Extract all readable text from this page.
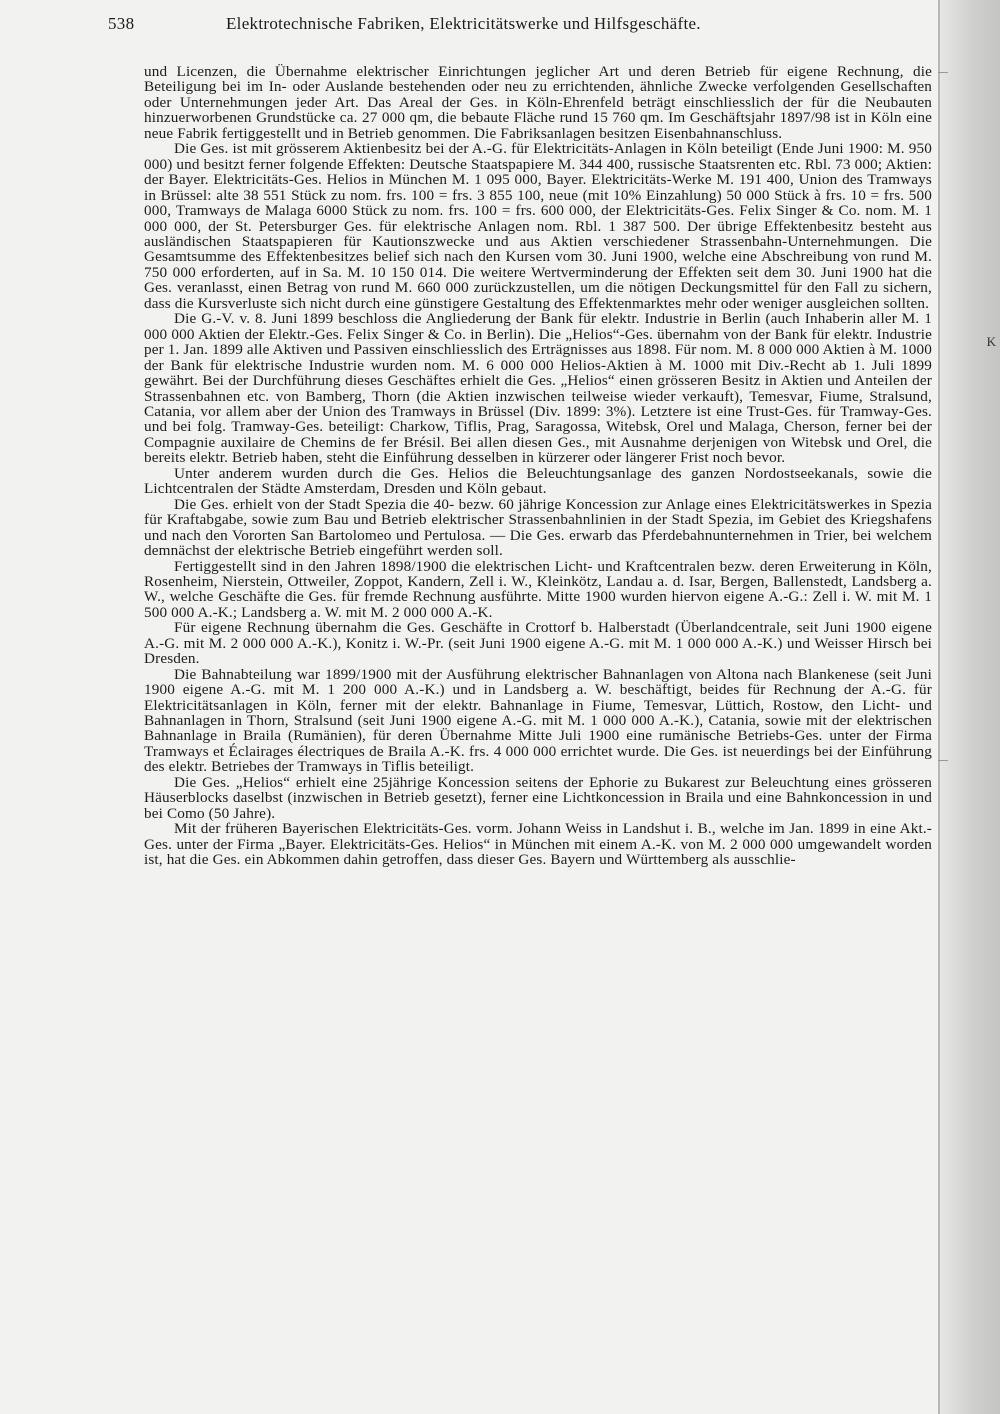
538	Elektrotechnische Fabriken, Elektricitätswerke und Hilfsgeschäfte.

und Licenzen, die Übernahme elektrischer Einrichtungen jeglicher Art und deren Betrieb für eigene Rechnung, die Beteiligung bei im In- oder Auslande bestehenden oder neu zu errichtenden, ähnliche Zwecke verfolgenden Gesellschaften oder Unternehmungen jeder Art. Das Areal der Ges. in Köln-Ehrenfeld beträgt einschliesslich der für die Neubauten hinzuerworbenen Grundstücke ca. 27 000 qm, die bebaute Fläche rund 15 760 qm. Im Geschäftsjahr 1897/98 ist in Köln eine neue Fabrik fertiggestellt und in Betrieb genommen. Die Fabriksanlagen besitzen Eisenbahnanschluss.

Die Ges. ist mit grösserem Aktienbesitz bei der A.-G. für Elektricitäts-Anlagen in Köln beteiligt (Ende Juni 1900: M. 950 000) und besitzt ferner folgende Effekten: Deutsche Staatspapiere M. 344 400, russische Staatsrenten etc. Rbl. 73 000; Aktien: der Bayer. Elektricitäts-Ges. Helios in München M. 1 095 000, Bayer. Elektricitäts-Werke M. 191 400, Union des Tramways in Brüssel: alte 38 551 Stück zu nom. frs. 100 = frs. 3 855 100, neue (mit 10% Einzahlung) 50 000 Stück à frs. 10 = frs. 500 000, Tramways de Malaga 6000 Stück zu nom. frs. 100 = frs. 600 000, der Elektricitäts-Ges. Felix Singer & Co. nom. M. 1 000 000, der St. Petersburger Ges. für elektrische Anlagen nom. Rbl. 1 387 500. Der übrige Effektenbesitz besteht aus ausländischen Staatspapieren für Kautionszwecke und aus Aktien verschiedener Strassenbahn-Unternehmungen. Die Gesamtsumme des Effektenbesitzes belief sich nach den Kursen vom 30. Juni 1900, welche eine Abschreibung von rund M. 750 000 erforderten, auf in Sa. M. 10 150 014. Die weitere Wertverminderung der Effekten seit dem 30. Juni 1900 hat die Ges. veranlasst, einen Betrag von rund M. 660 000 zurückzustellen, um die nötigen Deckungsmittel für den Fall zu sichern, dass die Kursverluste sich nicht durch eine günstigere Gestaltung des Effektenmarktes mehr oder weniger ausgleichen sollten.

Die G.-V. v. 8. Juni 1899 beschloss die Angliederung der Bank für elektr. Industrie in Berlin (auch Inhaberin aller M. 1 000 000 Aktien der Elektr.-Ges. Felix Singer & Co. in Berlin). Die „Helios“-Ges. übernahm von der Bank für elektr. Industrie per 1. Jan. 1899 alle Aktiven und Passiven einschliesslich des Erträgnisses aus 1898. Für nom. M. 8 000 000 Aktien à M. 1000 der Bank für elektrische Industrie wurden nom. M. 6 000 000 Helios-Aktien à M. 1000 mit Div.-Recht ab 1. Juli 1899 gewährt. Bei der Durchführung dieses Geschäftes erhielt die Ges. „Helios“ einen grösseren Besitz in Aktien und Anteilen der Strassenbahnen etc. von Bamberg, Thorn (die Aktien inzwischen teilweise wieder verkauft), Temesvar, Fiume, Stralsund, Catania, vor allem aber der Union des Tramways in Brüssel (Div. 1899: 3%). Letztere ist eine Trust-Ges. für Tramway-Ges. und bei folg. Tramway-Ges. beteiligt: Charkow, Tiflis, Prag, Saragossa, Witebsk, Orel und Malaga, Cherson, ferner bei der Compagnie auxilaire de Chemins de fer Brésil. Bei allen diesen Ges., mit Ausnahme derjenigen von Witebsk und Orel, die bereits elektr. Betrieb haben, steht die Einführung desselben in kürzerer oder längerer Frist noch bevor.

Unter anderem wurden durch die Ges. Helios die Beleuchtungsanlage des ganzen Nordostseekanals, sowie die Lichtcentralen der Städte Amsterdam, Dresden und Köln gebaut.

Die Ges. erhielt von der Stadt Spezia die 40- bezw. 60 jährige Koncession zur Anlage eines Elektricitätswerkes in Spezia für Kraftabgabe, sowie zum Bau und Betrieb elektrischer Strassenbahnlinien in der Stadt Spezia, im Gebiet des Kriegshafens und nach den Vororten San Bartolomeo und Pertulosa. — Die Ges. erwarb das Pferdebahnunternehmen in Trier, bei welchem demnächst der elektrische Betrieb eingeführt werden soll.

Fertiggestellt sind in den Jahren 1898/1900 die elektrischen Licht- und Kraftcentralen bezw. deren Erweiterung in Köln, Rosenheim, Nierstein, Ottweiler, Zoppot, Kandern, Zell i. W., Kleinkötz, Landau a. d. Isar, Bergen, Ballenstedt, Landsberg a. W., welche Geschäfte die Ges. für fremde Rechnung ausführte. Mitte 1900 wurden hiervon eigene A.-G.: Zell i. W. mit M. 1 500 000 A.-K.; Landsberg a. W. mit M. 2 000 000 A.-K.

Für eigene Rechnung übernahm die Ges. Geschäfte in Crottorf b. Halberstadt (Überlandcentrale, seit Juni 1900 eigene A.-G. mit M. 2 000 000 A.-K.), Konitz i. W.-Pr. (seit Juni 1900 eigene A.-G. mit M. 1 000 000 A.-K.) und Weisser Hirsch bei Dresden.

Die Bahnabteilung war 1899/1900 mit der Ausführung elektrischer Bahnanlagen von Altona nach Blankenese (seit Juni 1900 eigene A.-G. mit M. 1 200 000 A.-K.) und in Landsberg a. W. beschäftigt, beides für Rechnung der A.-G. für Elektricitätsanlagen in Köln, ferner mit der elektr. Bahnanlage in Fiume, Temesvar, Lüttich, Rostow, den Licht- und Bahnanlagen in Thorn, Stralsund (seit Juni 1900 eigene A.-G. mit M. 1 000 000 A.-K.), Catania, sowie mit der elektrischen Bahnanlage in Braila (Rumänien), für deren Übernahme Mitte Juli 1900 eine rumänische Betriebs-Ges. unter der Firma Tramways et Éclairages électriques de Braila A.-K. frs. 4 000 000 errichtet wurde. Die Ges. ist neuerdings bei der Einführung des elektr. Betriebes der Tramways in Tiflis beteiligt.

Die Ges. „Helios“ erhielt eine 25jährige Koncession seitens der Ephorie zu Bukarest zur Beleuchtung eines grösseren Häuserblocks daselbst (inzwischen in Betrieb gesetzt), ferner eine Lichtkoncession in Braila und eine Bahnkoncession in und bei Como (50 Jahre).

Mit der früheren Bayerischen Elektricitäts-Ges. vorm. Johann Weiss in Landshut i. B., welche im Jan. 1899 in eine Akt.-Ges. unter der Firma „Bayer. Elektricitäts-Ges. Helios“ in München mit einem A.-K. von M. 2 000 000 umgewandelt worden ist, hat die Ges. ein Abkommen dahin getroffen, dass dieser Ges. Bayern und Württemberg als ausschlie-

K
